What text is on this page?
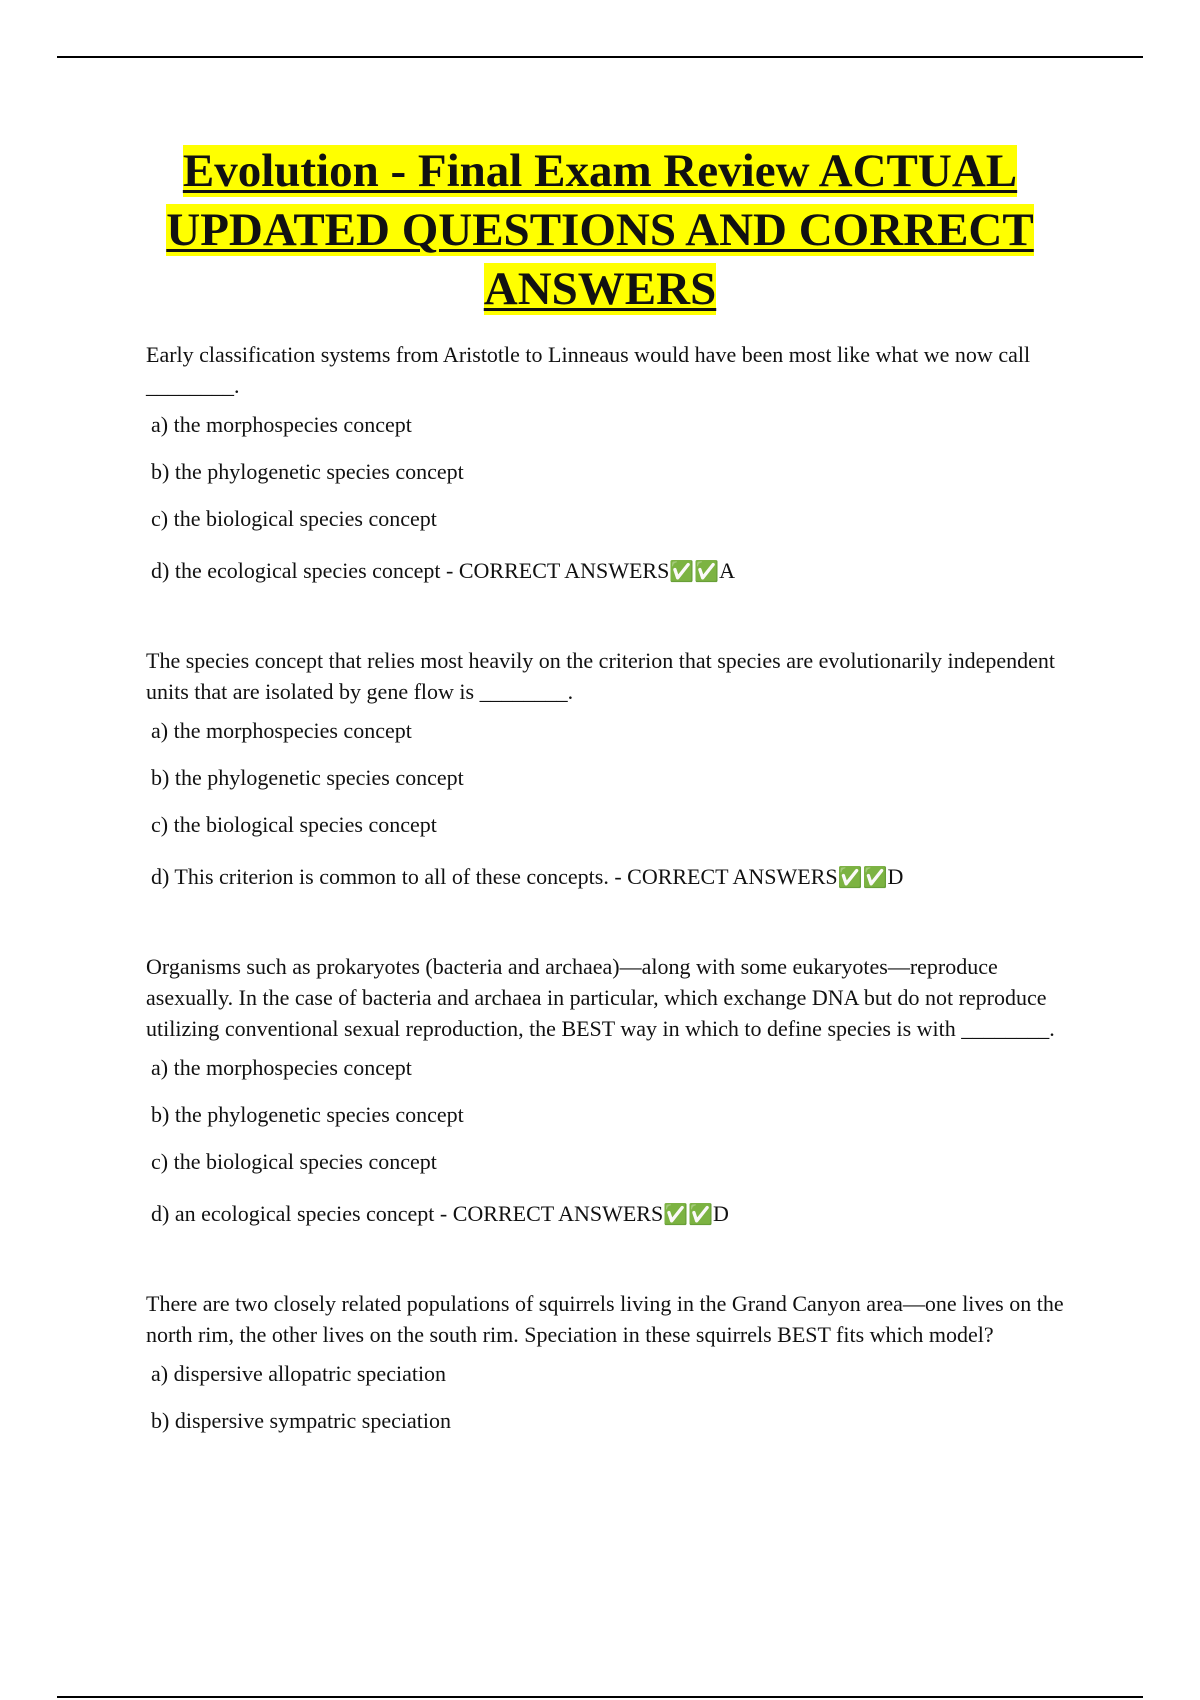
Evolution - Final Exam Review ACTUAL
UPDATED QUESTIONS AND CORRECT
ANSWERS
Early classification systems from Aristotle to Linneaus would have been most like what we now call ________.
a) the morphospecies concept
b) the phylogenetic species concept
c) the biological species concept
d) the ecological species concept - CORRECT ANSWERS✅✅A
The species concept that relies most heavily on the criterion that species are evolutionarily independent units that are isolated by gene flow is ________.
a) the morphospecies concept
b) the phylogenetic species concept
c) the biological species concept
d) This criterion is common to all of these concepts. - CORRECT ANSWERS✅✅D
Organisms such as prokaryotes (bacteria and archaea)—along with some eukaryotes—reproduce asexually. In the case of bacteria and archaea in particular, which exchange DNA but do not reproduce utilizing conventional sexual reproduction, the BEST way in which to define species is with ________.
a) the morphospecies concept
b) the phylogenetic species concept
c) the biological species concept
d) an ecological species concept - CORRECT ANSWERS✅✅D
There are two closely related populations of squirrels living in the Grand Canyon area—one lives on the north rim, the other lives on the south rim. Speciation in these squirrels BEST fits which model?
a) dispersive allopatric speciation
b) dispersive sympatric speciation
